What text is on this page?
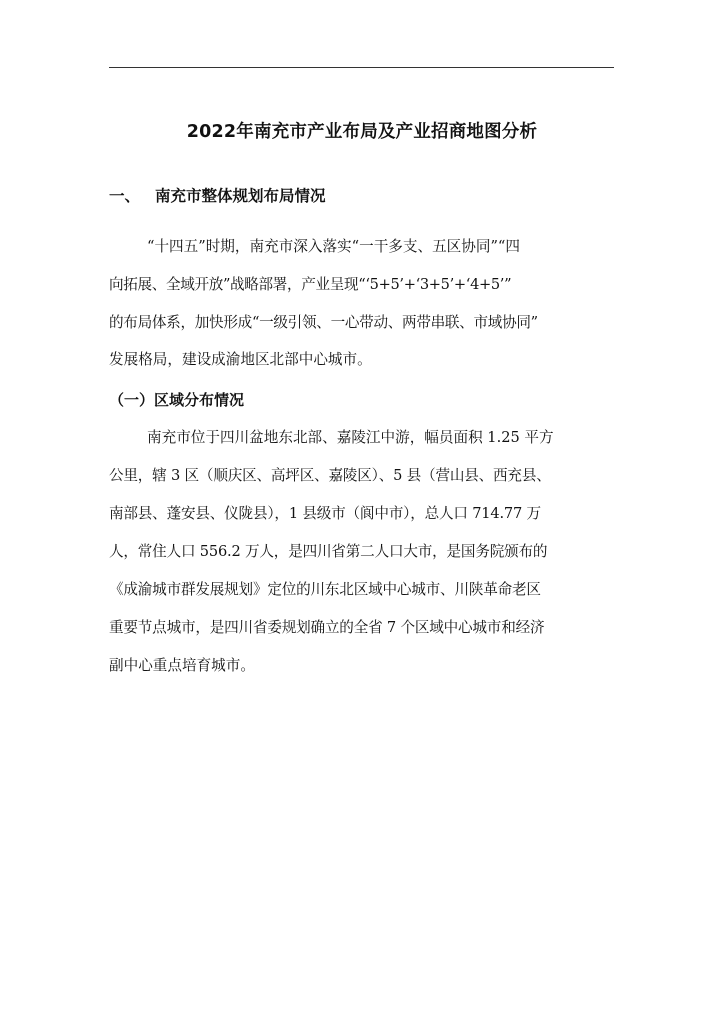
2022年南充市产业布局及产业招商地图分析
一、 南充市整体规划布局情况
“十四五”时期，南充市深入落实“一干多支、五区协同”“四
向拓展、全域开放”战略部署，产业呈现“‘5+5’+‘3+5’+‘4+5’”
的布局体系，加快形成“一级引领、一心带动、两带串联、市域协同”
发展格局，建设成渝地区北部中心城市。
（一）区域分布情况
南充市位于四川盆地东北部、嘉陵江中游，幅员面积 1.25 平方
公里，辖 3 区（顺庆区、高坪区、嘉陵区）、5 县（营山县、西充县、
南部县、蓬安县、仪陇县），1 县级市（阆中市），总人口 714.77 万
人，常住人口 556.2 万人，是四川省第二人口大市，是国务院颁布的
《成渝城市群发展规划》定位的川东北区域中心城市、川陕革命老区
重要节点城市，是四川省委规划确立的全省 7 个区域中心城市和经济
副中心重点培育城市。
